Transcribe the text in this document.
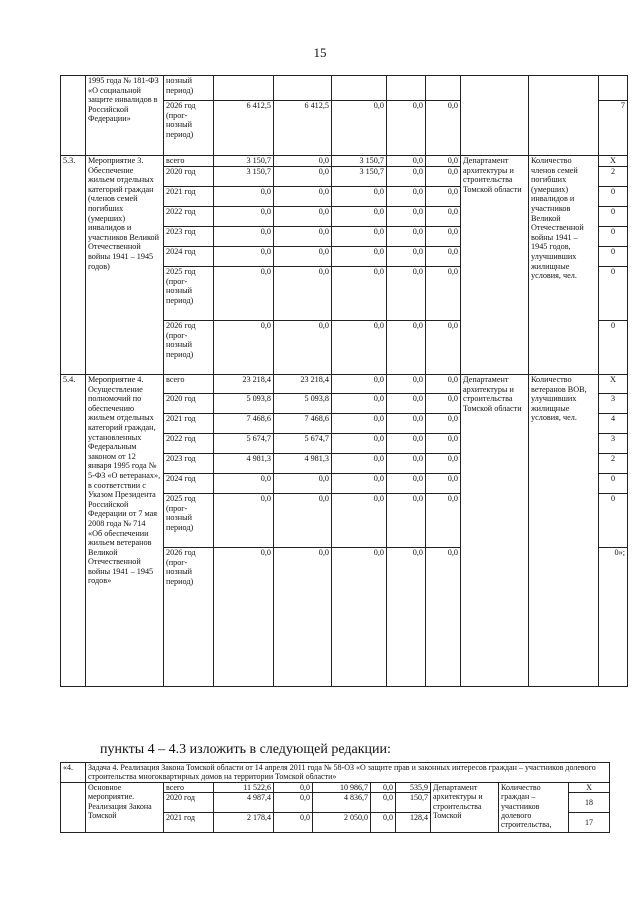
15
	1995 года № 181-ФЗ «О социальной защите инвалидов в Российской Федерации»	нозный период)								
		2026 год (прог-нозный период)	6 412,5	6 412,5	0,0	0,0	0,0			7
5.3.	Мероприятие 3. Обеспечение жильем отдельных категорий граждан (членов семей погибших (умерших) инвалидов и участников Великой Отечественной войны 1941 – 1945 годов)	всего	3 150,7	0,0	3 150,7	0,0	0,0	Департамент архитектуры и строительства Томской области	Количество членов семей погибших (умерших) инвалидов и участников Великой Отечественной войны 1941 – 1945 годов, улучшивших жилищные условия, чел.	X
		2020 год	3 150,7	0,0	3 150,7	0,0	0,0			2
		2021 год	0,0	0,0	0,0	0,0	0,0			0
		2022 год	0,0	0,0	0,0	0,0	0,0			0
		2023 год	0,0	0,0	0,0	0,0	0,0			0
		2024 год	0,0	0,0	0,0	0,0	0,0			0
		2025 год (прог-нозный период)	0,0	0,0	0,0	0,0	0,0			0
		2026 год (прог-нозный период)	0,0	0,0	0,0	0,0	0,0			0
5.4.	Мероприятие 4. Осуществление полномочий по обеспечению жильем отдельных категорий граждан, установленных Федеральным законом от 12 января 1995 года № 5-ФЗ «О ветеранах», в соответствии с Указом Президента Российской Федерации от 7 мая 2008 года № 714 «Об обеспечении жильем ветеранов Великой Отечественной войны 1941 – 1945 годов»	всего	23 218,4	23 218,4	0,0	0,0	0,0	Департамент архитектуры и строительства Томской области	Количество ветеранов ВОВ, улучшивших жилищные условия, чел.	X
		2020 год	5 093,8	5 093,8	0,0	0,0	0,0			3
		2021 год	7 468,6	7 468,6	0,0	0,0	0,0			4
		2022 год	5 674,7	5 674,7	0,0	0,0	0,0			3
		2023 год	4 981,3	4 981,3	0,0	0,0	0,0			2
		2024 год	0,0	0,0	0,0	0,0	0,0			0
		2025 год (прог-нозный период)	0,0	0,0	0,0	0,0	0,0			0
		2026 год (прог-нозный период)	0,0	0,0	0,0	0,0	0,0			0»;
пункты 4 – 4.3 изложить в следующей редакции:
«4.	Задача 4. Реализация Закона Томской области от 14 апреля 2011 года № 58-ОЗ «О защите прав и законных интересов граждан – участников долевого строительства многоквартирных домов на территории Томской области»									
	Основное мероприятие. Реализация Закона Томской	всего	11 522,6	0,0	10 986,7	0,0	535,9	Департамент архитектуры и строительства Томской	Количество граждан – участников долевого строительства,	X
		2020 год	4 987,4	0,0	4 836,7	0,0	150,7			18
		2021 год	2 178,4	0,0	2 050,0	0,0	128,4			17
